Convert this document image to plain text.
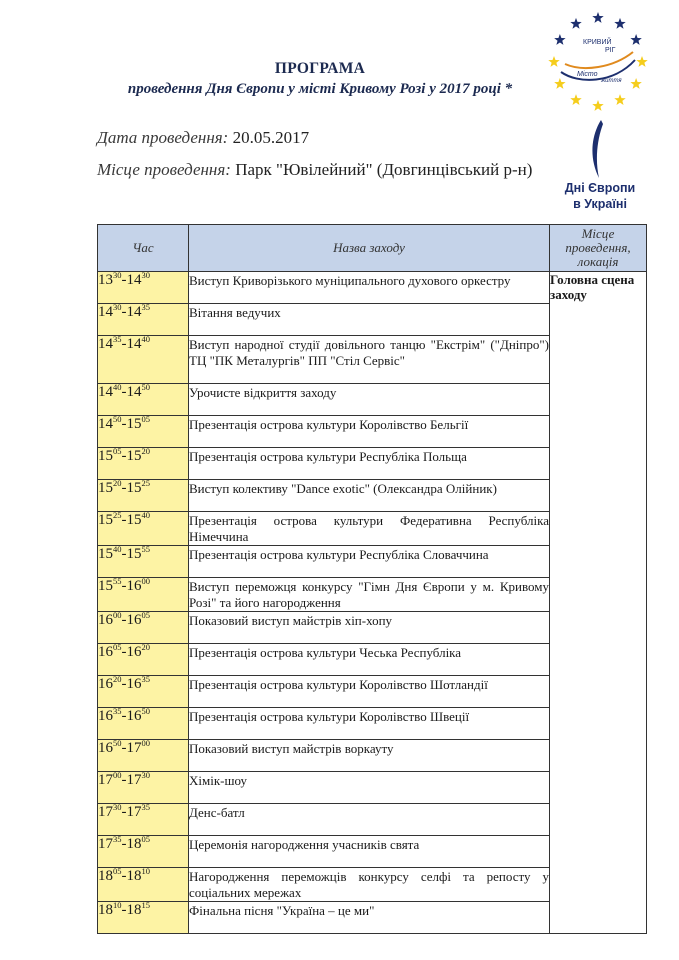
КРИВИЙ
РІГ
Місто
життя
Дні Європи
в Україні
ПРОГРАМА
проведення Дня Європи у місті Кривому Розі у 2017 році *
Дата проведення: 20.05.2017
Місце проведення: Парк "Ювілейний" (Довгинцівський р-н)
Час	Назва заходу	Місце проведення, локація
$13^{30}-14^{30}$	Виступ Криворізького муніципального духового оркестру	Головна сцена заходу
$14^{30}-14^{35}$	Вітання ведучих	

$14^{35}-14^{40}$	Виступ народної студії довільного танцю "Екстрім" ("Дніпро") ТЦ "ПК Металургів" ПП "Стіл Сервіс"	

$14^{40}-14^{50}$	Урочисте відкриття заходу	

$14^{50}-15^{05}$	Презентація острова культури Королівство Бельгії	

$15^{05}-15^{20}$	Презентація острова культури Республіка Польща	

$15^{20}-15^{25}$	Виступ колективу "Dance exotic" (Олександра Олійник)	

$15^{25}-15^{40}$	Презентація острова культури Федеративна Республіка Німеччина	

$15^{40}-15^{55}$	Презентація острова культури Республіка Словаччина	

$15^{55}-16^{00}$	Виступ переможця конкурсу "Гімн Дня Європи у м. Кривому Розі" та його нагородження	

$16^{00}-16^{05}$	Показовий виступ майстрів хіп-хопу	

$16^{05}-16^{20}$	Презентація острова культури Чеська Республіка	

$16^{20}-16^{35}$	Презентація острова культури Королівство Шотландії	

$16^{35}-16^{50}$	Презентація острова культури Королівство Швеції	

$16^{50}-17^{00}$	Показовий виступ майстрів воркауту	

$17^{00}-17^{30}$	Хімік-шоу	

$17^{30}-17^{35}$	Денс-батл	

$17^{35}-18^{05}$	Церемонія нагородження учасників свята	

$18^{05}-18^{10}$	Нагородження переможців конкурсу селфі та репосту у соціальних мережах	

$18^{10}-18^{15}$	Фінальна пісня "Україна – це ми"	
